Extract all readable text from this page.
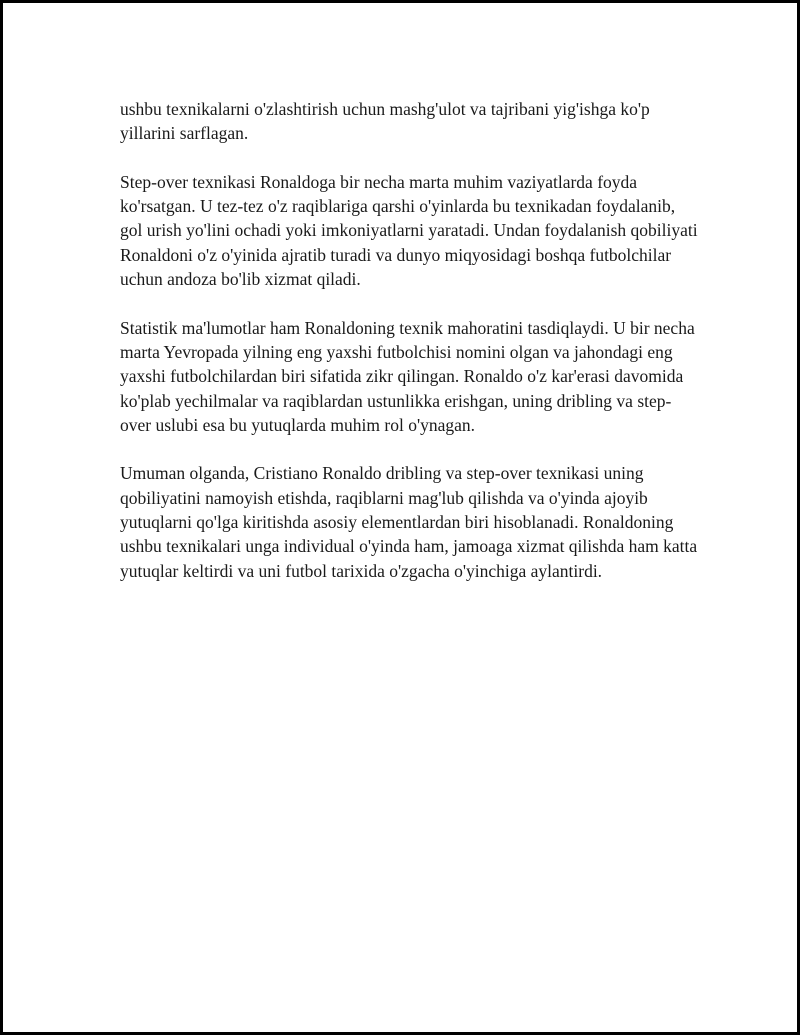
ushbu texnikalarni o'zlashtirish uchun mashg'ulot va tajribani yig'ishga ko'p yillarini sarflagan.

Step-over texnikasi Ronaldoga bir necha marta muhim vaziyatlarda foyda ko'rsatgan. U tez-tez o'z raqiblariga qarshi o'yinlarda bu texnikadan foydalanib, gol urish yo'lini ochadi yoki imkoniyatlarni yaratadi. Undan foydalanish qobiliyati Ronaldoni o'z o'yinida ajratib turadi va dunyo miqyosidagi boshqa futbolchilar uchun andoza bo'lib xizmat qiladi.

Statistik ma'lumotlar ham Ronaldoning texnik mahoratini tasdiqlaydi. U bir necha marta Yevropada yilning eng yaxshi futbolchisi nomini olgan va jahondagi eng yaxshi futbolchilardan biri sifatida zikr qilingan. Ronaldo o'z kar'erasi davomida ko'plab yechilmalar va raqiblardan ustunlikka erishgan, uning dribling va step-over uslubi esa bu yutuqlarda muhim rol o'ynagan.

Umuman olganda, Cristiano Ronaldo dribling va step-over texnikasi uning qobiliyatini namoyish etishda, raqiblarni mag'lub qilishda va o'yinda ajoyib yutuqlarni qo'lga kiritishda asosiy elementlardan biri hisoblanadi. Ronaldoning ushbu texnikalari unga individual o'yinda ham, jamoaga xizmat qilishda ham katta yutuqlar keltirdi va uni futbol tarixida o'zgacha o'yinchiga aylantirdi.
